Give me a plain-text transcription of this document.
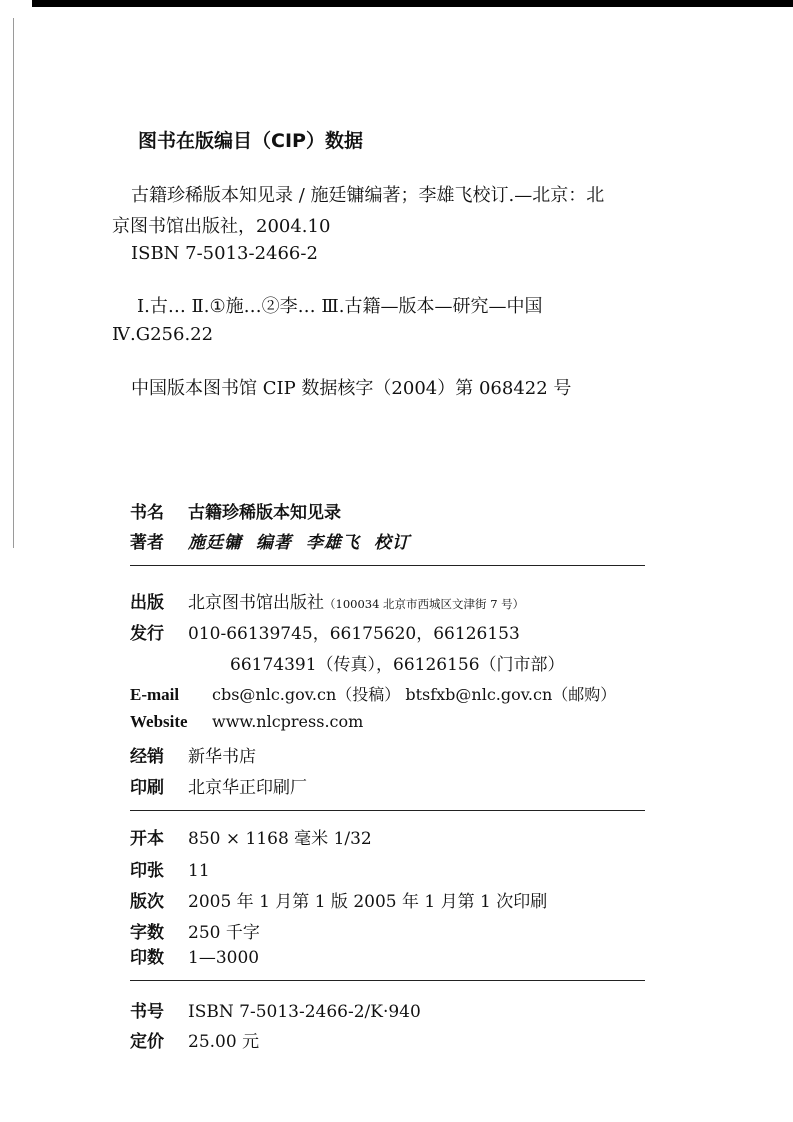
图书在版编目（CIP）数据
古籍珍稀版本知见录 / 施廷镛编著；李雄飞校订.—北京：北
京图书馆出版社，2004.10
ISBN 7-5013-2466-2
Ⅰ.古… Ⅱ.①施…②李… Ⅲ.古籍—版本—研究—中国
Ⅳ.G256.22
中国版本图书馆 CIP 数据核字（2004）第 068422 号
书名	古籍珍稀版本知见录
著者	施廷镛 编著 李雄飞 校订
出版	北京图书馆出版社 （100034 北京市西城区文津街 7 号）
发行	010-66139745，66175620，66126153
66174391（传真），66126156（门市部）
E-mail	cbs@nlc.gov.cn（投稿） btsfxb@nlc.gov.cn（邮购）
Website	www.nlcpress.com
经销	新华书店
印刷	北京华正印刷厂
开本	850 × 1168 毫米 1/32
印张	11
版次	2005 年 1 月第 1 版 2005 年 1 月第 1 次印刷
字数	250 千字
印数	1—3000
书号	ISBN 7-5013-2466-2/K·940
定价	25.00 元
